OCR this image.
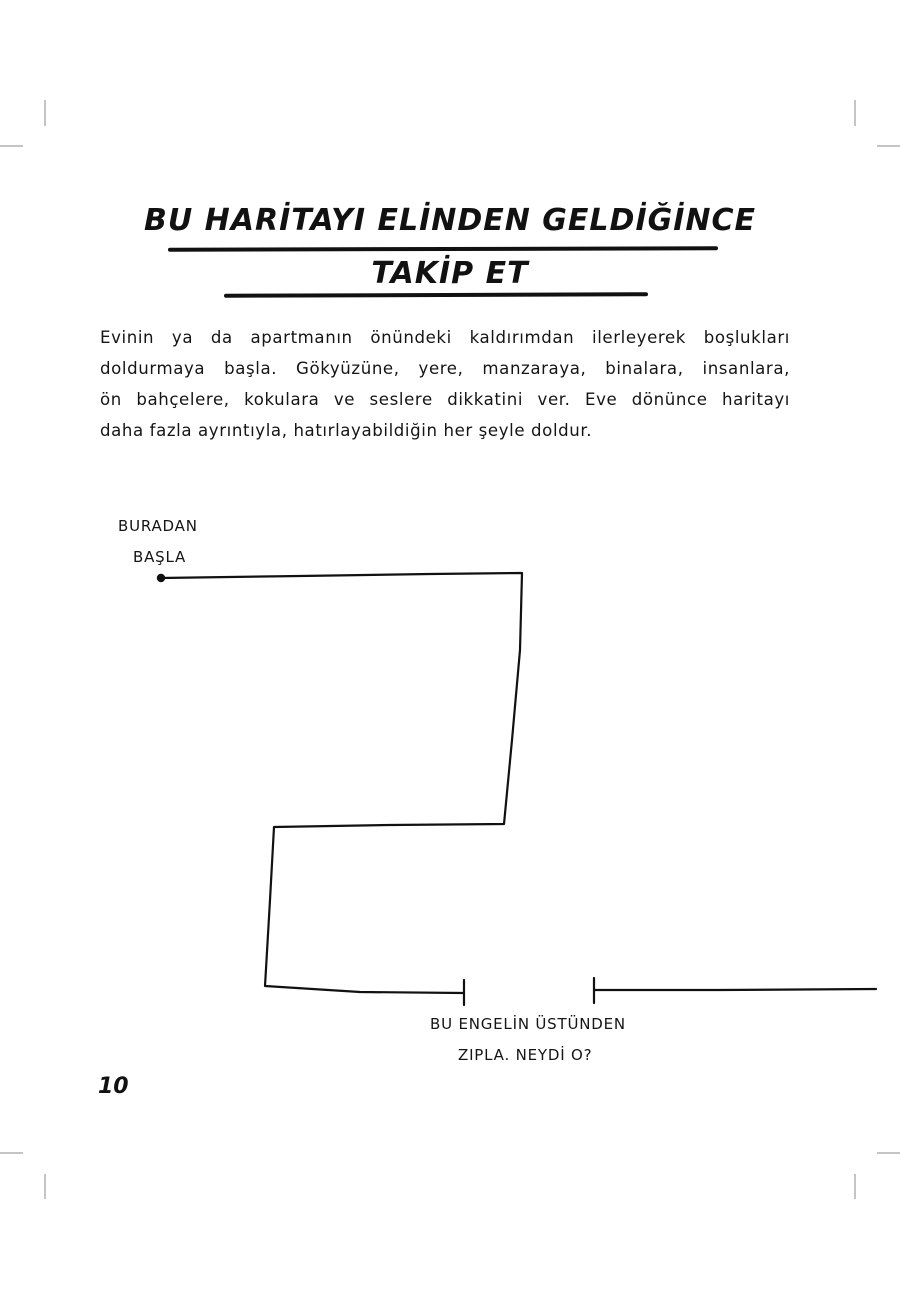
BU HARİTAYI ELİNDEN GELDİĞİNCE
TAKİP ET
Evinin ya da apartmanın önündeki kaldırımdan ilerleyerek boşlukları
doldurmaya başla. Gökyüzüne, yere, manzaraya, binalara, insanlara,
ön bahçelere, kokulara ve seslere dikkatini ver. Eve dönünce haritayı
daha fazla ayrıntıyla, hatırlayabildiğin her şeyle doldur.
BURADAN
BAŞLA
BU ENGELİN ÜSTÜNDEN
ZIPLA. NEYDİ O?
10
